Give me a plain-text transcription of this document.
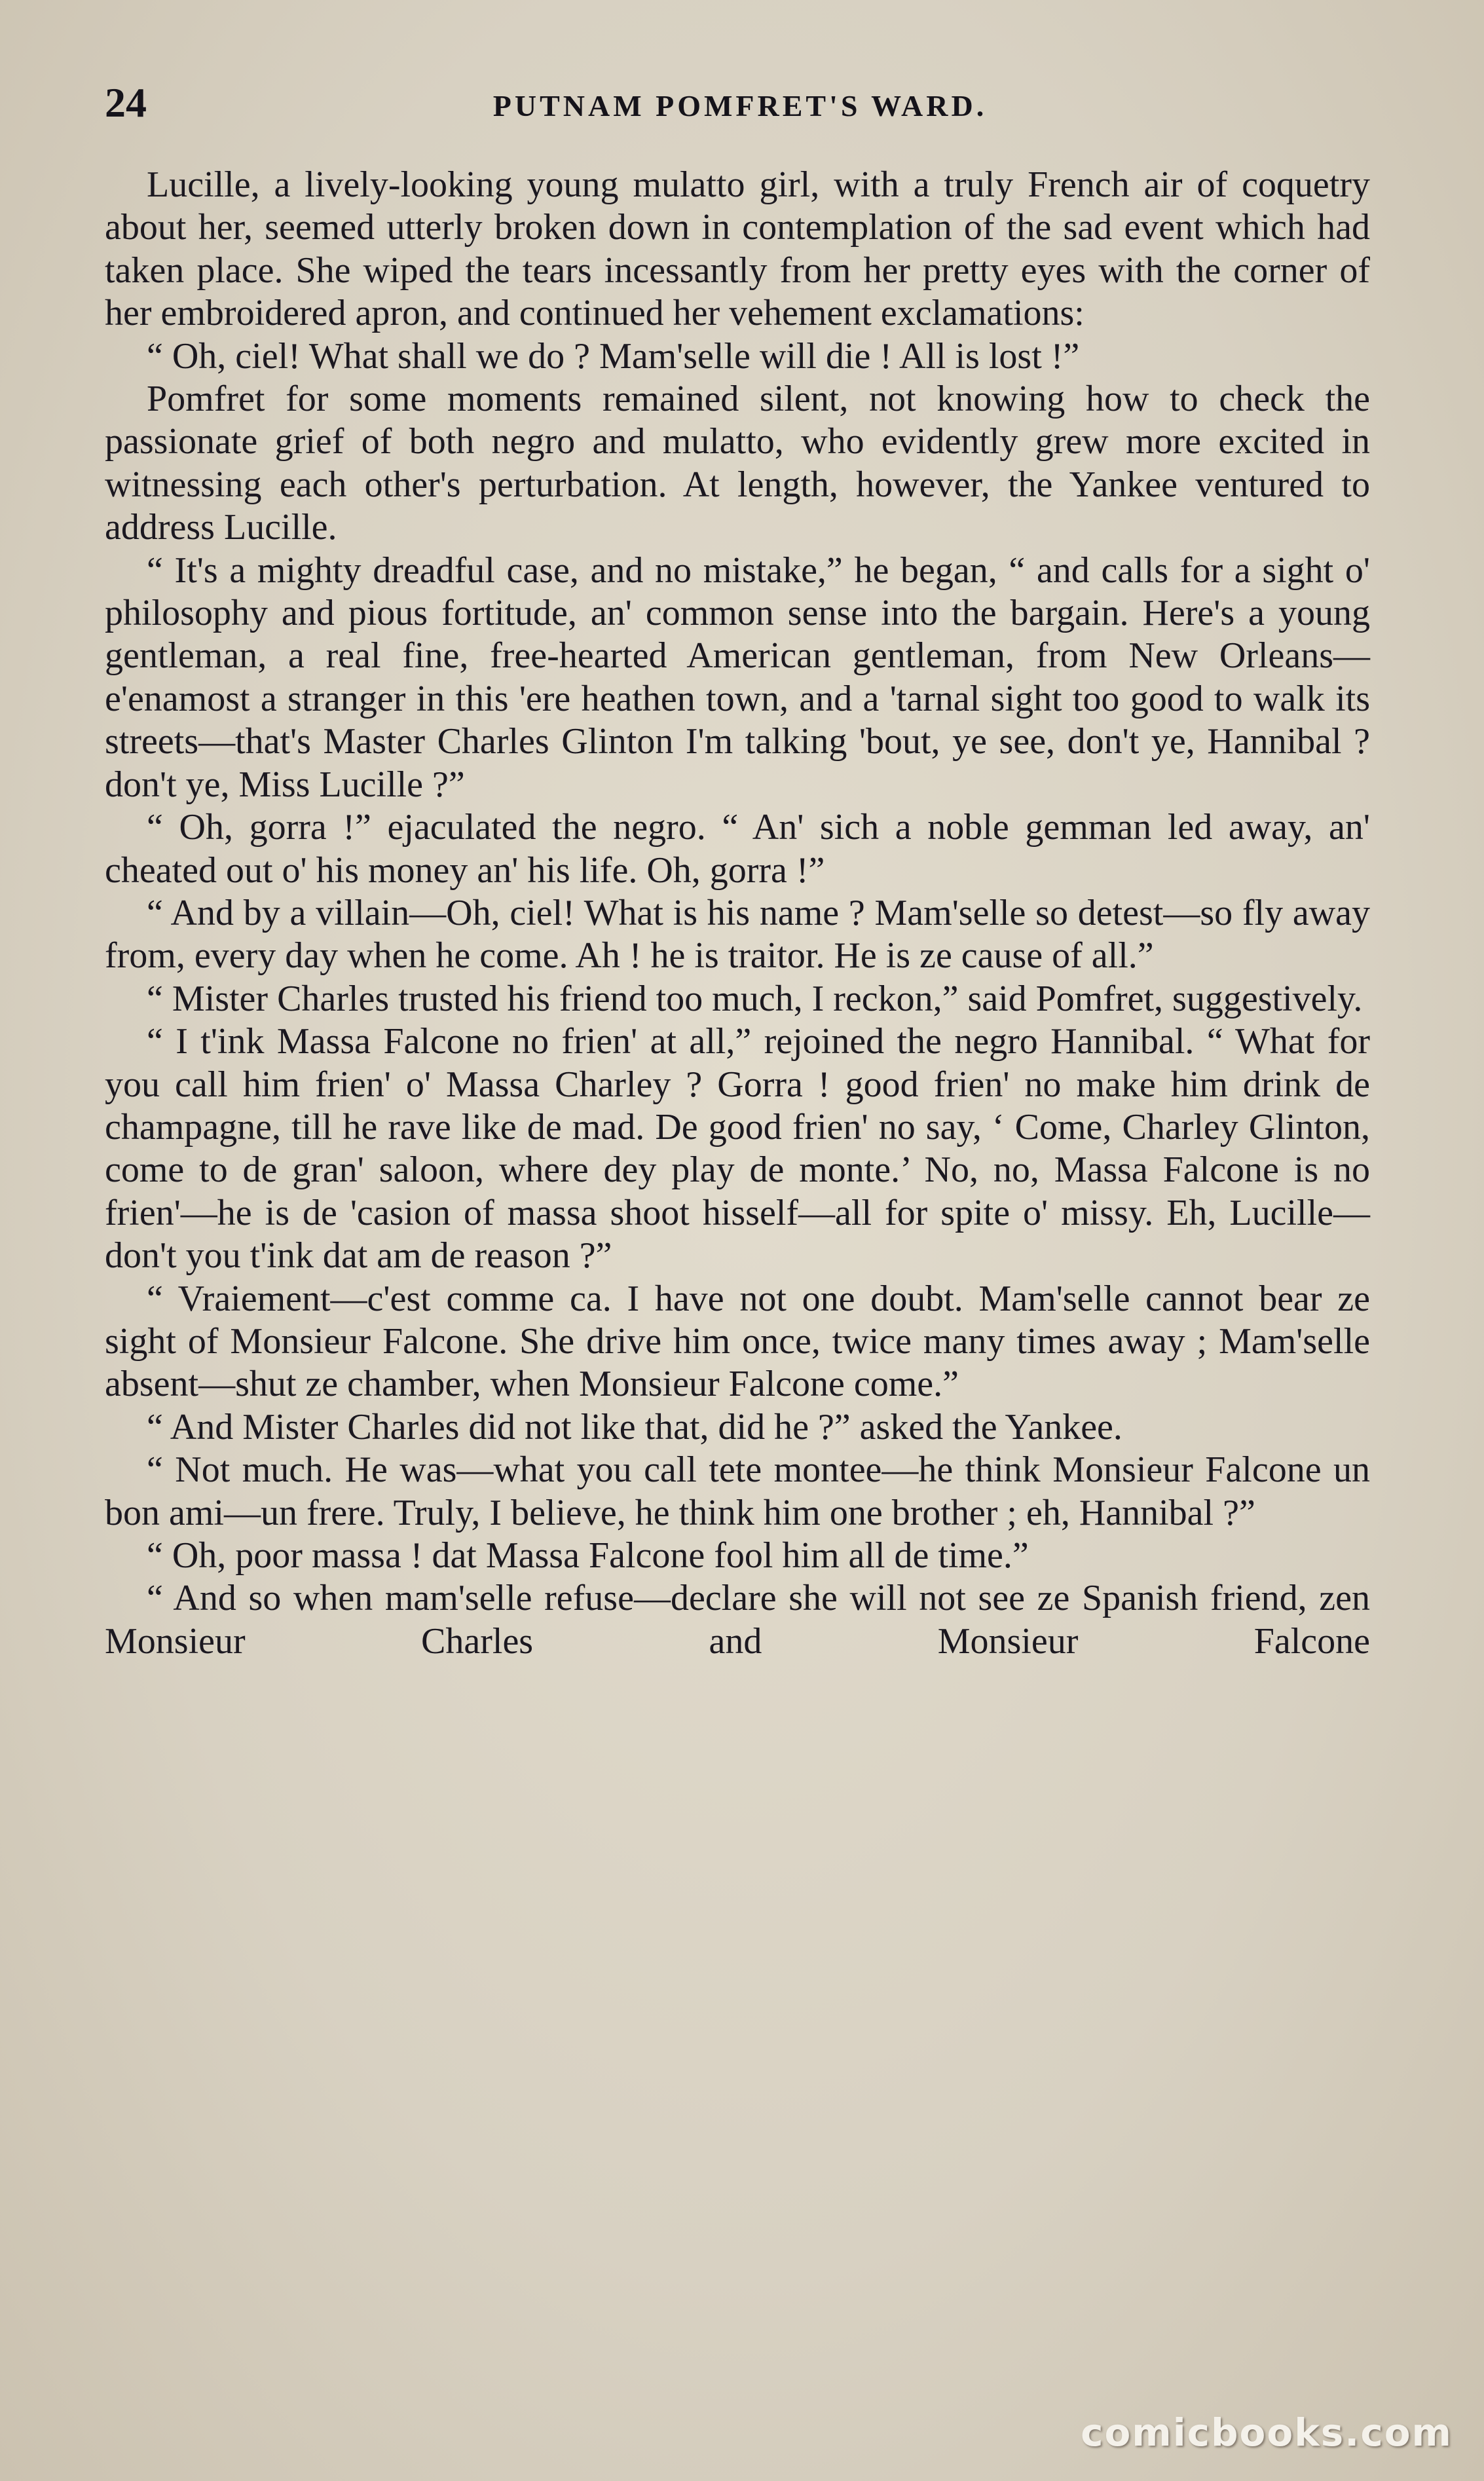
24	PUTNAM POMFRET'S WARD.

Lucille, a lively-looking young mulatto girl, with a truly French air of coquetry about her, seemed utterly broken down in contemplation of the sad event which had taken place. She wiped the tears incessantly from her pretty eyes with the corner of her embroidered apron, and continued her vehement exclamations:

“ Oh, ciel! What shall we do ? Mam'selle will die ! All is lost !”

Pomfret for some moments remained silent, not knowing how to check the passionate grief of both negro and mulatto, who evidently grew more excited in witnessing each other's perturbation. At length, however, the Yankee ventured to address Lucille.

“ It's a mighty dreadful case, and no mistake,” he began, “ and calls for a sight o' philosophy and pious fortitude, an' common sense into the bargain. Here's a young gentleman, a real fine, free-hearted American gentleman, from New Orleans— e'enamost a stranger in this 'ere heathen town, and a 'tarnal sight too good to walk its streets—that's Master Charles Glinton I'm talking 'bout, ye see, don't ye, Hannibal ? don't ye, Miss Lucille ?”

“ Oh, gorra !” ejaculated the negro. “ An' sich a noble gemman led away, an' cheated out o' his money an' his life. Oh, gorra !”

“ And by a villain—Oh, ciel! What is his name ? Mam'selle so detest—so fly away from, every day when he come. Ah ! he is traitor. He is ze cause of all.”

“ Mister Charles trusted his friend too much, I reckon,” said Pomfret, suggestively.

“ I t'ink Massa Falcone no frien' at all,” rejoined the negro Hannibal. “ What for you call him frien' o' Massa Charley ? Gorra ! good frien' no make him drink de champagne, till he rave like de mad. De good frien' no say, ‘ Come, Charley Glinton, come to de gran' saloon, where dey play de monte.’ No, no, Massa Falcone is no frien'—he is de 'casion of massa shoot hisself—all for spite o' missy. Eh, Lucille—don't you t'ink dat am de reason ?”

“ Vraiement—c'est comme ca. I have not one doubt. Mam'selle cannot bear ze sight of Monsieur Falcone. She drive him once, twice many times away ; Mam'selle absent—shut ze chamber, when Monsieur Falcone come.”

“ And Mister Charles did not like that, did he ?” asked the Yankee.

“ Not much. He was—what you call tete montee—he think Monsieur Falcone un bon ami—un frere. Truly, I believe, he think him one brother ; eh, Hannibal ?”

“ Oh, poor massa ! dat Massa Falcone fool him all de time.”

“ And so when mam'selle refuse—declare she will not see ze Spanish friend, zen Monsieur Charles and Monsieur Falcone

comicbooks.com
